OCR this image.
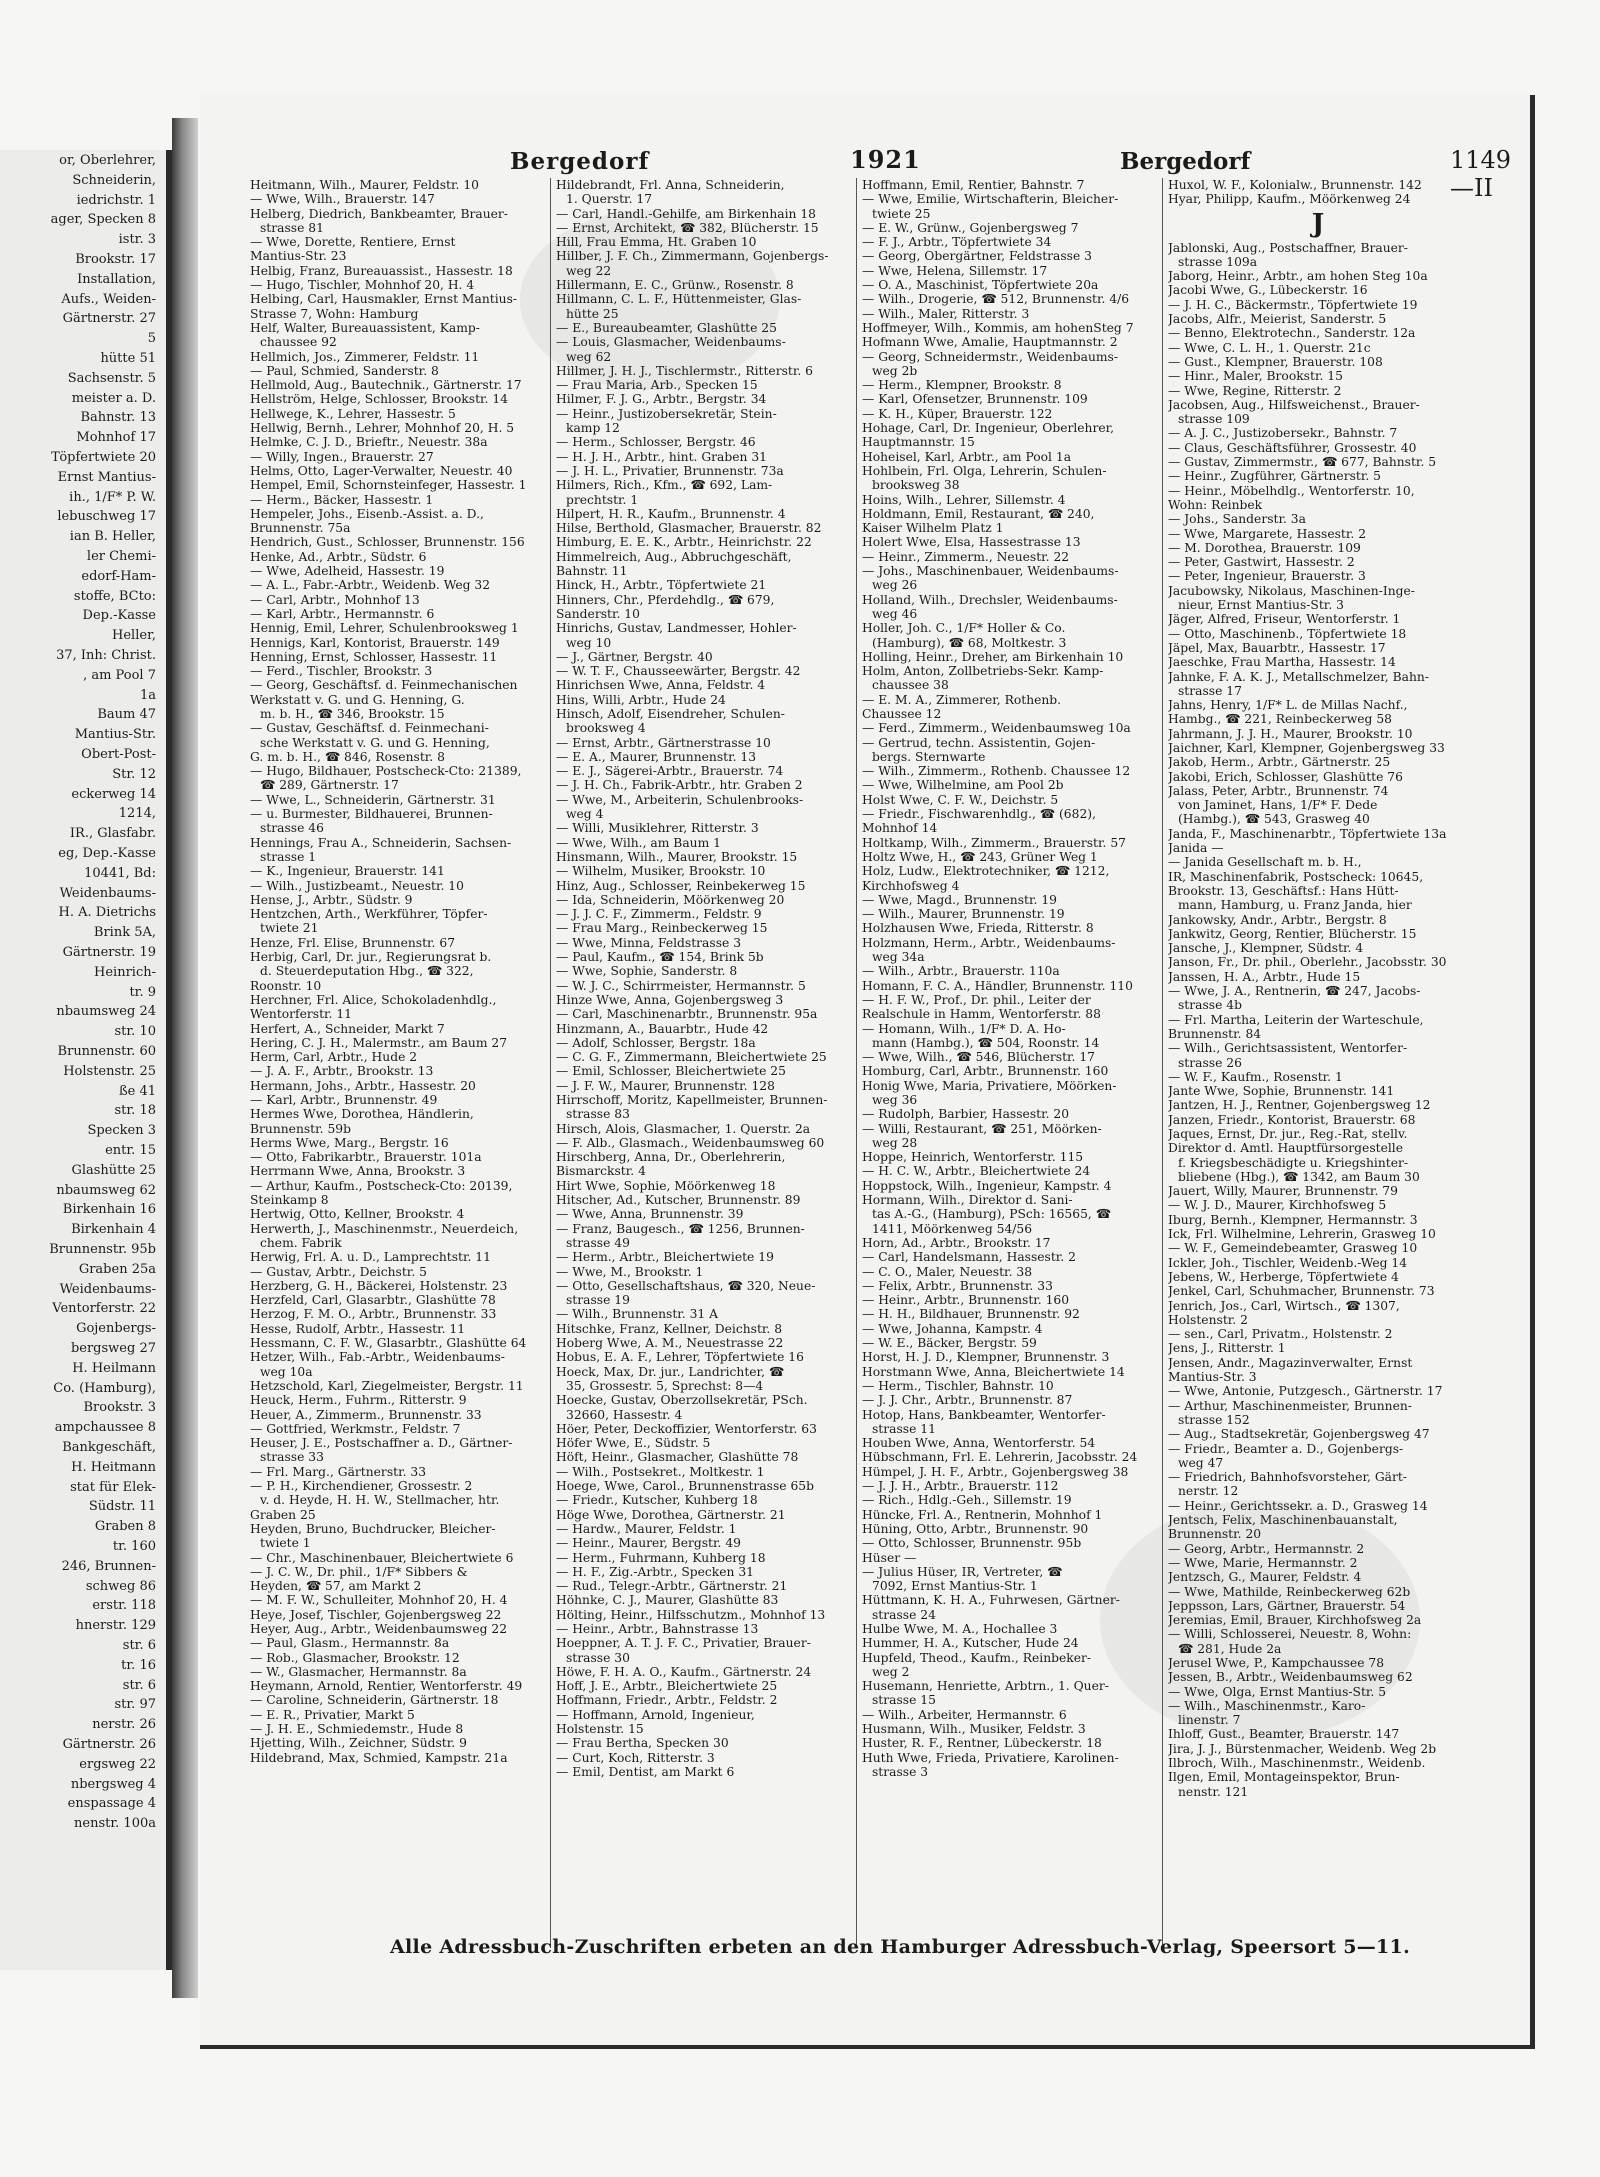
or, Oberlehrer,
Schneiderin,
iedrichstr. 1
ager, Specken 8
istr. 3
Brookstr. 17
Installation,
Aufs., Weiden-
Gärtnerstr. 27
5
hütte 51
Sachsenstr. 5
meister a. D.
Bahnstr. 13
Mohnhof 17
Töpfertwiete 20
Ernst Mantius-
ih., 1/F* P. W.
lebuschweg 17
ian B. Heller,
ler Chemi-
edorf-Ham-
stoffe, BCto:
Dep.-Kasse
Heller,
37, Inh: Christ.
, am Pool 7
1a
Baum 47
Mantius-Str.
Obert-Post-
Str. 12
eckerweg 14
1214,
IR., Glasfabr.
eg, Dep.-Kasse
10441, Bd:
Weidenbaums-
H. A. Dietrichs
Brink 5A,
Gärtnerstr. 19
Heinrich-
tr. 9
nbaumsweg 24
str. 10
Brunnenstr. 60
Holstenstr. 25
ße 41
str. 18
Specken 3
entr. 15
Glashütte 25
nbaumsweg 62
Birkenhain 16
Birkenhain 4
Brunnenstr. 95b
Graben 25a
Weidenbaums-
Ventorferstr. 22
Gojenbergs-
bergsweg 27
H. Heilmann
Co. (Hamburg),
Brookstr. 3
ampchaussee 8
Bankgeschäft,
H. Heitmann
stat für Elek-
Südstr. 11
Graben 8
tr. 160
246, Brunnen-
schweg 86
erstr. 118
hnerstr. 129
str. 6
tr. 16
str. 6
str. 97
nerstr. 26
Gärtnerstr. 26
ergsweg 22
nbergsweg 4
enspassage 4
nenstr. 100a
Bergedorf	1921	Bergedorf	1149—II
Heitmann, Wilh., Maurer, Feldstr. 10
— Wwe, Wilh., Brauerstr. 147
Helberg, Diedrich, Bankbeamter, Brauer-
strasse 81
— Wwe, Dorette, Rentiere, Ernst
Mantius-Str. 23
Helbig, Franz, Bureauassist., Hassestr. 18
— Hugo, Tischler, Mohnhof 20, H. 4
Helbing, Carl, Hausmakler, Ernst Mantius-
Strasse 7, Wohn: Hamburg
Helf, Walter, Bureauassistent, Kamp-
chaussee 92
Hellmich, Jos., Zimmerer, Feldstr. 11
— Paul, Schmied, Sanderstr. 8
Hellmold, Aug., Bautechnik., Gärtnerstr. 17
Hellström, Helge, Schlosser, Brookstr. 14
Hellwege, K., Lehrer, Hassestr. 5
Hellwig, Bernh., Lehrer, Mohnhof 20, H. 5
Helmke, C. J. D., Brieftr., Neuestr. 38a
— Willy, Ingen., Brauerstr. 27
Helms, Otto, Lager-Verwalter, Neuestr. 40
Hempel, Emil, Schornsteinfeger, Hassestr. 1
— Herm., Bäcker, Hassestr. 1
Hempeler, Johs., Eisenb.-Assist. a. D.,
Brunnenstr. 75a
Hendrich, Gust., Schlosser, Brunnenstr. 156
Henke, Ad., Arbtr., Südstr. 6
— Wwe, Adelheid, Hassestr. 19
— A. L., Fabr.-Arbtr., Weidenb. Weg 32
— Carl, Arbtr., Mohnhof 13
— Karl, Arbtr., Hermannstr. 6
Hennig, Emil, Lehrer, Schulenbrooksweg 1
Hennigs, Karl, Kontorist, Brauerstr. 149
Henning, Ernst, Schlosser, Hassestr. 11
— Ferd., Tischler, Brookstr. 3
— Georg, Geschäftsf. d. Feinmechanischen
Werkstatt v. G. und G. Henning, G.
m. b. H., ☎ 346, Brookstr. 15
— Gustav, Geschäftsf. d. Feinmechani-
sche Werkstatt v. G. und G. Henning,
G. m. b. H., ☎ 846, Rosenstr. 8
— Hugo, Bildhauer, Postscheck-Cto: 21389,
☎ 289, Gärtnerstr. 17
— Wwe, L., Schneiderin, Gärtnerstr. 31
— u. Burmester, Bildhauerei, Brunnen-
strasse 46
Hennings, Frau A., Schneiderin, Sachsen-
strasse 1
— K., Ingenieur, Brauerstr. 141
— Wilh., Justizbeamt., Neuestr. 10
Hense, J., Arbtr., Südstr. 9
Hentzchen, Arth., Werkführer, Töpfer-
twiete 21
Henze, Frl. Elise, Brunnenstr. 67
Herbig, Carl, Dr. jur., Regierungsrat b.
d. Steuerdeputation Hbg., ☎ 322,
Roonstr. 10
Herchner, Frl. Alice, Schokoladenhdlg.,
Wentorferstr. 11
Herfert, A., Schneider, Markt 7
Hering, C. J. H., Malermstr., am Baum 27
Herm, Carl, Arbtr., Hude 2
— J. A. F., Arbtr., Brookstr. 13
Hermann, Johs., Arbtr., Hassestr. 20
— Karl, Arbtr., Brunnenstr. 49
Hermes Wwe, Dorothea, Händlerin,
Brunnenstr. 59b
Herms Wwe, Marg., Bergstr. 16
— Otto, Fabrikarbtr., Brauerstr. 101a
Herrmann Wwe, Anna, Brookstr. 3
— Arthur, Kaufm., Postscheck-Cto: 20139,
Steinkamp 8
Hertwig, Otto, Kellner, Brookstr. 4
Herwerth, J., Maschinenmstr., Neuerdeich,
chem. Fabrik
Herwig, Frl. A. u. D., Lamprechtstr. 11
— Gustav, Arbtr., Deichstr. 5
Herzberg, G. H., Bäckerei, Holstenstr. 23
Herzfeld, Carl, Glasarbtr., Glashütte 78
Herzog, F. M. O., Arbtr., Brunnenstr. 33
Hesse, Rudolf, Arbtr., Hassestr. 11
Hessmann, C. F. W., Glasarbtr., Glashütte 64
Hetzer, Wilh., Fab.-Arbtr., Weidenbaums-
weg 10a
Hetzschold, Karl, Ziegelmeister, Bergstr. 11
Heuck, Herm., Fuhrm., Ritterstr. 9
Heuer, A., Zimmerm., Brunnenstr. 33
— Gottfried, Werkmstr., Feldstr. 7
Heuser, J. E., Postschaffner a. D., Gärtner-
strasse 33
— Frl. Marg., Gärtnerstr. 33
— P. H., Kirchendiener, Grossestr. 2
v. d. Heyde, H. H. W., Stellmacher, htr.
Graben 25
Heyden, Bruno, Buchdrucker, Bleicher-
twiete 1
— Chr., Maschinenbauer, Bleichertwiete 6
— J. C. W., Dr. phil., 1/F* Sibbers &
Heyden, ☎ 57, am Markt 2
— M. F. W., Schulleiter, Mohnhof 20, H. 4
Heye, Josef, Tischler, Gojenbergsweg 22
Heyer, Aug., Arbtr., Weidenbaumsweg 22
— Paul, Glasm., Hermannstr. 8a
— Rob., Glasmacher, Brookstr. 12
— W., Glasmacher, Hermannstr. 8a
Heymann, Arnold, Rentier, Wentorferstr. 49
— Caroline, Schneiderin, Gärtnerstr. 18
— E. R., Privatier, Markt 5
— J. H. E., Schmiedemstr., Hude 8
Hjetting, Wilh., Zeichner, Südstr. 9
Hildebrand, Max, Schmied, Kampstr. 21a
Hildebrandt, Frl. Anna, Schneiderin,
1. Querstr. 17
— Carl, Handl.-Gehilfe, am Birkenhain 18
— Ernst, Architekt, ☎ 382, Blücherstr. 15
Hill, Frau Emma, Ht. Graben 10
Hillber, J. F. Ch., Zimmermann, Gojenbergs-
weg 22
Hillermann, E. C., Grünw., Rosenstr. 8
Hillmann, C. L. F., Hüttenmeister, Glas-
hütte 25
— E., Bureaubeamter, Glashütte 25
— Louis, Glasmacher, Weidenbaums-
weg 62
Hillmer, J. H. J., Tischlermstr., Ritterstr. 6
— Frau Maria, Arb., Specken 15
Hilmer, F. J. G., Arbtr., Bergstr. 34
— Heinr., Justizobersekretär, Stein-
kamp 12
— Herm., Schlosser, Bergstr. 46
— H. J. H., Arbtr., hint. Graben 31
— J. H. L., Privatier, Brunnenstr. 73a
Hilmers, Rich., Kfm., ☎ 692, Lam-
prechtstr. 1
Hilpert, H. R., Kaufm., Brunnenstr. 4
Hilse, Berthold, Glasmacher, Brauerstr. 82
Himburg, E. E. K., Arbtr., Heinrichstr. 22
Himmelreich, Aug., Abbruchgeschäft,
Bahnstr. 11
Hinck, H., Arbtr., Töpfertwiete 21
Hinners, Chr., Pferdehdlg., ☎ 679,
Sanderstr. 10
Hinrichs, Gustav, Landmesser, Hohler-
weg 10
— J., Gärtner, Bergstr. 40
— W. T. F., Chausseewärter, Bergstr. 42
Hinrichsen Wwe, Anna, Feldstr. 4
Hins, Willi, Arbtr., Hude 24
Hinsch, Adolf, Eisendreher, Schulen-
brooksweg 4
— Ernst, Arbtr., Gärtnerstrasse 10
— E. A., Maurer, Brunnenstr. 13
— E. J., Sägerei-Arbtr., Brauerstr. 74
— J. H. Ch., Fabrik-Arbtr., htr. Graben 2
— Wwe, M., Arbeiterin, Schulenbrooks-
weg 4
— Willi, Musiklehrer, Ritterstr. 3
— Wwe, Wilh., am Baum 1
Hinsmann, Wilh., Maurer, Brookstr. 15
— Wilhelm, Musiker, Brookstr. 10
Hinz, Aug., Schlosser, Reinbekerweg 15
— Ida, Schneiderin, Möörkenweg 20
— J. J. C. F., Zimmerm., Feldstr. 9
— Frau Marg., Reinbeckerweg 15
— Wwe, Minna, Feldstrasse 3
— Paul, Kaufm., ☎ 154, Brink 5b
— Wwe, Sophie, Sanderstr. 8
— W. J. C., Schirrmeister, Hermannstr. 5
Hinze Wwe, Anna, Gojenbergsweg 3
— Carl, Maschinenarbtr., Brunnenstr. 95a
Hinzmann, A., Bauarbtr., Hude 42
— Adolf, Schlosser, Bergstr. 18a
— C. G. F., Zimmermann, Bleichertwiete 25
— Emil, Schlosser, Bleichertwiete 25
— J. F. W., Maurer, Brunnenstr. 128
Hirrschoff, Moritz, Kapellmeister, Brunnen-
strasse 83
Hirsch, Alois, Glasmacher, 1. Querstr. 2a
— F. Alb., Glasmach., Weidenbaumsweg 60
Hirschberg, Anna, Dr., Oberlehrerin,
Bismarckstr. 4
Hirt Wwe, Sophie, Möörkenweg 18
Hitscher, Ad., Kutscher, Brunnenstr. 89
— Wwe, Anna, Brunnenstr. 39
— Franz, Baugesch., ☎ 1256, Brunnen-
strasse 49
— Herm., Arbtr., Bleichertwiete 19
— Wwe, M., Brookstr. 1
— Otto, Gesellschaftshaus, ☎ 320, Neue-
strasse 19
— Wilh., Brunnenstr. 31 A
Hitschke, Franz, Kellner, Deichstr. 8
Hoberg Wwe, A. M., Neuestrasse 22
Hobus, E. A. F., Lehrer, Töpfertwiete 16
Hoeck, Max, Dr. jur., Landrichter, ☎
35, Grossestr. 5, Sprechst: 8—4
Hoecke, Gustav, Oberzollsekretär, PSch.
32660, Hassestr. 4
Höer, Peter, Deckoffizier, Wentorferstr. 63
Höfer Wwe, E., Südstr. 5
Höft, Heinr., Glasmacher, Glashütte 78
— Wilh., Postsekret., Moltkestr. 1
Hoege, Wwe, Carol., Brunnenstrasse 65b
— Friedr., Kutscher, Kuhberg 18
Höge Wwe, Dorothea, Gärtnerstr. 21
— Hardw., Maurer, Feldstr. 1
— Heinr., Maurer, Bergstr. 49
— Herm., Fuhrmann, Kuhberg 18
— H. F., Zig.-Arbtr., Specken 31
— Rud., Telegr.-Arbtr., Gärtnerstr. 21
Höhnke, C. J., Maurer, Glashütte 83
Hölting, Heinr., Hilfsschutzm., Mohnhof 13
— Heinr., Arbtr., Bahnstrasse 13
Hoeppner, A. T. J. F. C., Privatier, Brauer-
strasse 30
Höwe, F. H. A. O., Kaufm., Gärtnerstr. 24
Hoff, J. E., Arbtr., Bleichertwiete 25
Hoffmann, Friedr., Arbtr., Feldstr. 2
— Hoffmann, Arnold, Ingenieur,
Holstenstr. 15
— Frau Bertha, Specken 30
— Curt, Koch, Ritterstr. 3
— Emil, Dentist, am Markt 6
Hoffmann, Emil, Rentier, Bahnstr. 7
— Wwe, Emilie, Wirtschafterin, Bleicher-
twiete 25
— E. W., Grünw., Gojenbergsweg 7
— F. J., Arbtr., Töpfertwiete 34
— Georg, Obergärtner, Feldstrasse 3
— Wwe, Helena, Sillemstr. 17
— O. A., Maschinist, Töpfertwiete 20a
— Wilh., Drogerie, ☎ 512, Brunnenstr. 4/6
— Wilh., Maler, Ritterstr. 3
Hoffmeyer, Wilh., Kommis, am hohenSteg 7
Hofmann Wwe, Amalie, Hauptmannstr. 2
— Georg, Schneidermstr., Weidenbaums-
weg 2b
— Herm., Klempner, Brookstr. 8
— Karl, Ofensetzer, Brunnenstr. 109
— K. H., Küper, Brauerstr. 122
Hohage, Carl, Dr. Ingenieur, Oberlehrer,
Hauptmannstr. 15
Hoheisel, Karl, Arbtr., am Pool 1a
Hohlbein, Frl. Olga, Lehrerin, Schulen-
brooksweg 38
Hoins, Wilh., Lehrer, Sillemstr. 4
Holdmann, Emil, Restaurant, ☎ 240,
Kaiser Wilhelm Platz 1
Holert Wwe, Elsa, Hassestrasse 13
— Heinr., Zimmerm., Neuestr. 22
— Johs., Maschinenbauer, Weidenbaums-
weg 26
Holland, Wilh., Drechsler, Weidenbaums-
weg 46
Holler, Joh. C., 1/F* Holler & Co.
(Hamburg), ☎ 68, Moltkestr. 3
Holling, Heinr., Dreher, am Birkenhain 10
Holm, Anton, Zollbetriebs-Sekr. Kamp-
chaussee 38
— E. M. A., Zimmerer, Rothenb.
Chaussee 12
— Ferd., Zimmerm., Weidenbaumsweg 10a
— Gertrud, techn. Assistentin, Gojen-
bergs. Sternwarte
— Wilh., Zimmerm., Rothenb. Chaussee 12
— Wwe, Wilhelmine, am Pool 2b
Holst Wwe, C. F. W., Deichstr. 5
— Friedr., Fischwarenhdlg., ☎ (682),
Mohnhof 14
Holtkamp, Wilh., Zimmerm., Brauerstr. 57
Holtz Wwe, H., ☎ 243, Grüner Weg 1
Holz, Ludw., Elektrotechniker, ☎ 1212,
Kirchhofsweg 4
— Wwe, Magd., Brunnenstr. 19
— Wilh., Maurer, Brunnenstr. 19
Holzhausen Wwe, Frieda, Ritterstr. 8
Holzmann, Herm., Arbtr., Weidenbaums-
weg 34a
— Wilh., Arbtr., Brauerstr. 110a
Homann, F. C. A., Händler, Brunnenstr. 110
— H. F. W., Prof., Dr. phil., Leiter der
Realschule in Hamm, Wentorferstr. 88
— Homann, Wilh., 1/F* D. A. Ho-
mann (Hambg.), ☎ 504, Roonstr. 14
— Wwe, Wilh., ☎ 546, Blücherstr. 17
Homburg, Carl, Arbtr., Brunnenstr. 160
Honig Wwe, Maria, Privatiere, Möörken-
weg 36
— Rudolph, Barbier, Hassestr. 20
— Willi, Restaurant, ☎ 251, Möörken-
weg 28
Hoppe, Heinrich, Wentorferstr. 115
— H. C. W., Arbtr., Bleichertwiete 24
Hoppstock, Wilh., Ingenieur, Kampstr. 4
Hormann, Wilh., Direktor d. Sani-
tas A.-G., (Hamburg), PSch: 16565, ☎
1411, Möörkenweg 54/56
Horn, Ad., Arbtr., Brookstr. 17
— Carl, Handelsmann, Hassestr. 2
— C. O., Maler, Neuestr. 38
— Felix, Arbtr., Brunnenstr. 33
— Heinr., Arbtr., Brunnenstr. 160
— H. H., Bildhauer, Brunnenstr. 92
— Wwe, Johanna, Kampstr. 4
— W. E., Bäcker, Bergstr. 59
Horst, H. J. D., Klempner, Brunnenstr. 3
Horstmann Wwe, Anna, Bleichertwiete 14
— Herm., Tischler, Bahnstr. 10
— J. J. Chr., Arbtr., Brunnenstr. 87
Hotop, Hans, Bankbeamter, Wentorfer-
strasse 11
Houben Wwe, Anna, Wentorferstr. 54
Hübschmann, Frl. E. Lehrerin, Jacobsstr. 24
Hümpel, J. H. F., Arbtr., Gojenbergsweg 38
— J. J. H., Arbtr., Brauerstr. 112
— Rich., Hdlg.-Geh., Sillemstr. 19
Hüncke, Frl. A., Rentnerin, Mohnhof 1
Hüning, Otto, Arbtr., Brunnenstr. 90
— Otto, Schlosser, Brunnenstr. 95b
Hüser —
— Julius Hüser, IR, Vertreter, ☎
7092, Ernst Mantius-Str. 1
Hüttmann, K. H. A., Fuhrwesen, Gärtner-
strasse 24
Hulbe Wwe, M. A., Hochallee 3
Hummer, H. A., Kutscher, Hude 24
Hupfeld, Theod., Kaufm., Reinbeker-
weg 2
Husemann, Henriette, Arbtrn., 1. Quer-
strasse 15
— Wilh., Arbeiter, Hermannstr. 6
Husmann, Wilh., Musiker, Feldstr. 3
Huster, R. F., Rentner, Lübeckerstr. 18
Huth Wwe, Frieda, Privatiere, Karolinen-
strasse 3
Huxol, W. F., Kolonialw., Brunnenstr. 142
Hyar, Philipp, Kaufm., Möörkenweg 24
J
Jablonski, Aug., Postschaffner, Brauer-
strasse 109a
Jaborg, Heinr., Arbtr., am hohen Steg 10a
Jacobi Wwe, G., Lübeckerstr. 16
— J. H. C., Bäckermstr., Töpfertwiete 19
Jacobs, Alfr., Meierist, Sanderstr. 5
— Benno, Elektrotechn., Sanderstr. 12a
— Wwe, C. L. H., 1. Querstr. 21c
— Gust., Klempner, Brauerstr. 108
— Hinr., Maler, Brookstr. 15
— Wwe, Regine, Ritterstr. 2
Jacobsen, Aug., Hilfsweichenst., Brauer-
strasse 109
— A. J. C., Justizobersekr., Bahnstr. 7
— Claus, Geschäftsführer, Grossestr. 40
— Gustav, Zimmermstr., ☎ 677, Bahnstr. 5
— Heinr., Zugführer, Gärtnerstr. 5
— Heinr., Möbelhdlg., Wentorferstr. 10,
Wohn: Reinbek
— Johs., Sanderstr. 3a
— Wwe, Margarete, Hassestr. 2
— M. Dorothea, Brauerstr. 109
— Peter, Gastwirt, Hassestr. 2
— Peter, Ingenieur, Brauerstr. 3
Jacubowsky, Nikolaus, Maschinen-Inge-
nieur, Ernst Mantius-Str. 3
Jäger, Alfred, Friseur, Wentorferstr. 1
— Otto, Maschinenb., Töpfertwiete 18
Jäpel, Max, Bauarbtr., Hassestr. 17
Jaeschke, Frau Martha, Hassestr. 14
Jahnke, F. A. K. J., Metallschmelzer, Bahn-
strasse 17
Jahns, Henry, 1/F* L. de Millas Nachf.,
Hambg., ☎ 221, Reinbeckerweg 58
Jahrmann, J. J. H., Maurer, Brookstr. 10
Jaichner, Karl, Klempner, Gojenbergsweg 33
Jakob, Herm., Arbtr., Gärtnerstr. 25
Jakobi, Erich, Schlosser, Glashütte 76
Jalass, Peter, Arbtr., Brunnenstr. 74
von Jaminet, Hans, 1/F* F. Dede
(Hambg.), ☎ 543, Grasweg 40
Janda, F., Maschinenarbtr., Töpfertwiete 13a
Janida —
— Janida Gesellschaft m. b. H.,
IR, Maschinenfabrik, Postscheck: 10645,
Brookstr. 13, Geschäftsf.: Hans Hütt-
mann, Hamburg, u. Franz Janda, hier
Jankowsky, Andr., Arbtr., Bergstr. 8
Jankwitz, Georg, Rentier, Blücherstr. 15
Jansche, J., Klempner, Südstr. 4
Janson, Fr., Dr. phil., Oberlehr., Jacobsstr. 30
Janssen, H. A., Arbtr., Hude 15
— Wwe, J. A., Rentnerin, ☎ 247, Jacobs-
strasse 4b
— Frl. Martha, Leiterin der Warteschule,
Brunnenstr. 84
— Wilh., Gerichtsassistent, Wentorfer-
strasse 26
— W. F., Kaufm., Rosenstr. 1
Jante Wwe, Sophie, Brunnenstr. 141
Jantzen, H. J., Rentner, Gojenbergsweg 12
Janzen, Friedr., Kontorist, Brauerstr. 68
Jaques, Ernst, Dr. jur., Reg.-Rat, stellv.
Direktor d. Amtl. Hauptfürsorgestelle
f. Kriegsbeschädigte u. Kriegshinter-
bliebene (Hbg.), ☎ 1342, am Baum 30
Jauert, Willy, Maurer, Brunnenstr. 79
— W. J. D., Maurer, Kirchhofsweg 5
Iburg, Bernh., Klempner, Hermannstr. 3
Ick, Frl. Wilhelmine, Lehrerin, Grasweg 10
— W. F., Gemeindebeamter, Grasweg 10
Ickler, Joh., Tischler, Weidenb.-Weg 14
Jebens, W., Herberge, Töpfertwiete 4
Jenkel, Carl, Schuhmacher, Brunnenstr. 73
Jenrich, Jos., Carl, Wirtsch., ☎ 1307,
Holstenstr. 2
— sen., Carl, Privatm., Holstenstr. 2
Jens, J., Ritterstr. 1
Jensen, Andr., Magazinverwalter, Ernst
Mantius-Str. 3
— Wwe, Antonie, Putzgesch., Gärtnerstr. 17
— Arthur, Maschinenmeister, Brunnen-
strasse 152
— Aug., Stadtsekretär, Gojenbergsweg 47
— Friedr., Beamter a. D., Gojenbergs-
weg 47
— Friedrich, Bahnhofsvorsteher, Gärt-
nerstr. 12
— Heinr., Gerichtssekr. a. D., Grasweg 14
Jentsch, Felix, Maschinenbauanstalt,
Brunnenstr. 20
— Georg, Arbtr., Hermannstr. 2
— Wwe, Marie, Hermannstr. 2
Jentzsch, G., Maurer, Feldstr. 4
— Wwe, Mathilde, Reinbeckerweg 62b
Jeppsson, Lars, Gärtner, Brauerstr. 54
Jeremias, Emil, Brauer, Kirchhofsweg 2a
— Willi, Schlosserei, Neuestr. 8, Wohn:
☎ 281, Hude 2a
Jerusel Wwe, P., Kampchaussee 78
Jessen, B., Arbtr., Weidenbaumsweg 62
— Wwe, Olga, Ernst Mantius-Str. 5
— Wilh., Maschinenmstr., Karo-
linenstr. 7
Ihloff, Gust., Beamter, Brauerstr. 147
Jira, J. J., Bürstenmacher, Weidenb. Weg 2b
Ilbroch, Wilh., Maschinenmstr., Weidenb.
Ilgen, Emil, Montageinspektor, Brun-
nenstr. 121
Alle Adressbuch-Zuschriften erbeten an den Hamburger Adressbuch-Verlag, Speersort 5—11.
